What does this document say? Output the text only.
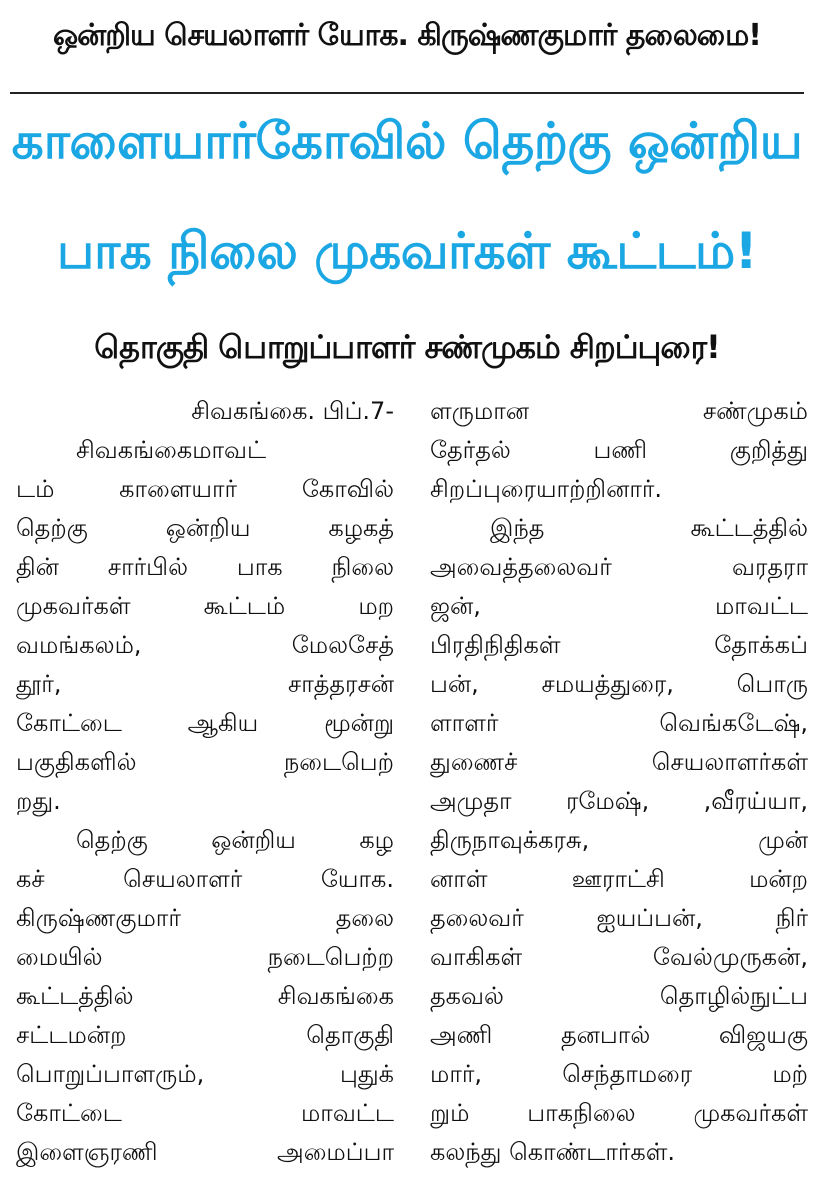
ஒன்றிய செயலாளர் யோக. கிருஷ்ணகுமார் தலைமை!
காளையார்கோவில் தெற்கு ஒன்றிய
பாக நிலை முகவர்கள் கூட்டம்!
தொகுதி பொறுப்பாளர் சண்முகம் சிறப்புரை!
சிவகங்கை. பிப்.7-
சிவகங்கைமாவட்
டம் காளையார் கோவில்
தெற்கு ஒன்றிய கழகத்
தின் சார்பில் பாக நிலை
முகவர்கள் கூட்டம் மற
வமங்கலம், மேலசேத்
தூர், சாத்தரசன்
கோட்டை ஆகிய மூன்று
பகுதிகளில் நடைபெற்
றது.
தெற்கு ஒன்றிய கழ
கச் செயலாளர் யோக.
கிருஷ்ணகுமார் தலை
மையில் நடைபெற்ற
கூட்டத்தில் சிவகங்கை
சட்டமன்ற தொகுதி
பொறுப்பாளரும், புதுக்
கோட்டை மாவட்ட
இளைஞரணி அமைப்பா
ளருமான சண்முகம்
தேர்தல் பணி குறித்து
சிறப்புரையாற்றினார்.
இந்த கூட்டத்தில்
அவைத்தலைவர் வரதரா
ஜன், மாவட்ட
பிரதிநிதிகள் தோக்கப்
பன், சமயத்துரை, பொரு
ளாளர் வெங்கடேஷ்,
துணைச் செயலாளர்கள்
அமுதா ரமேஷ், ,வீரய்யா,
திருநாவுக்கரசு, முன்
னாள் ஊராட்சி மன்ற
தலைவர் ஐயப்பன், நிர்
வாகிகள் வேல்முருகன்,
தகவல் தொழில்நுட்ப
அணி தனபால் விஜயகு
மார், செந்தாமரை மற்
றும் பாகநிலை முகவர்கள்
கலந்து கொண்டார்கள்.
